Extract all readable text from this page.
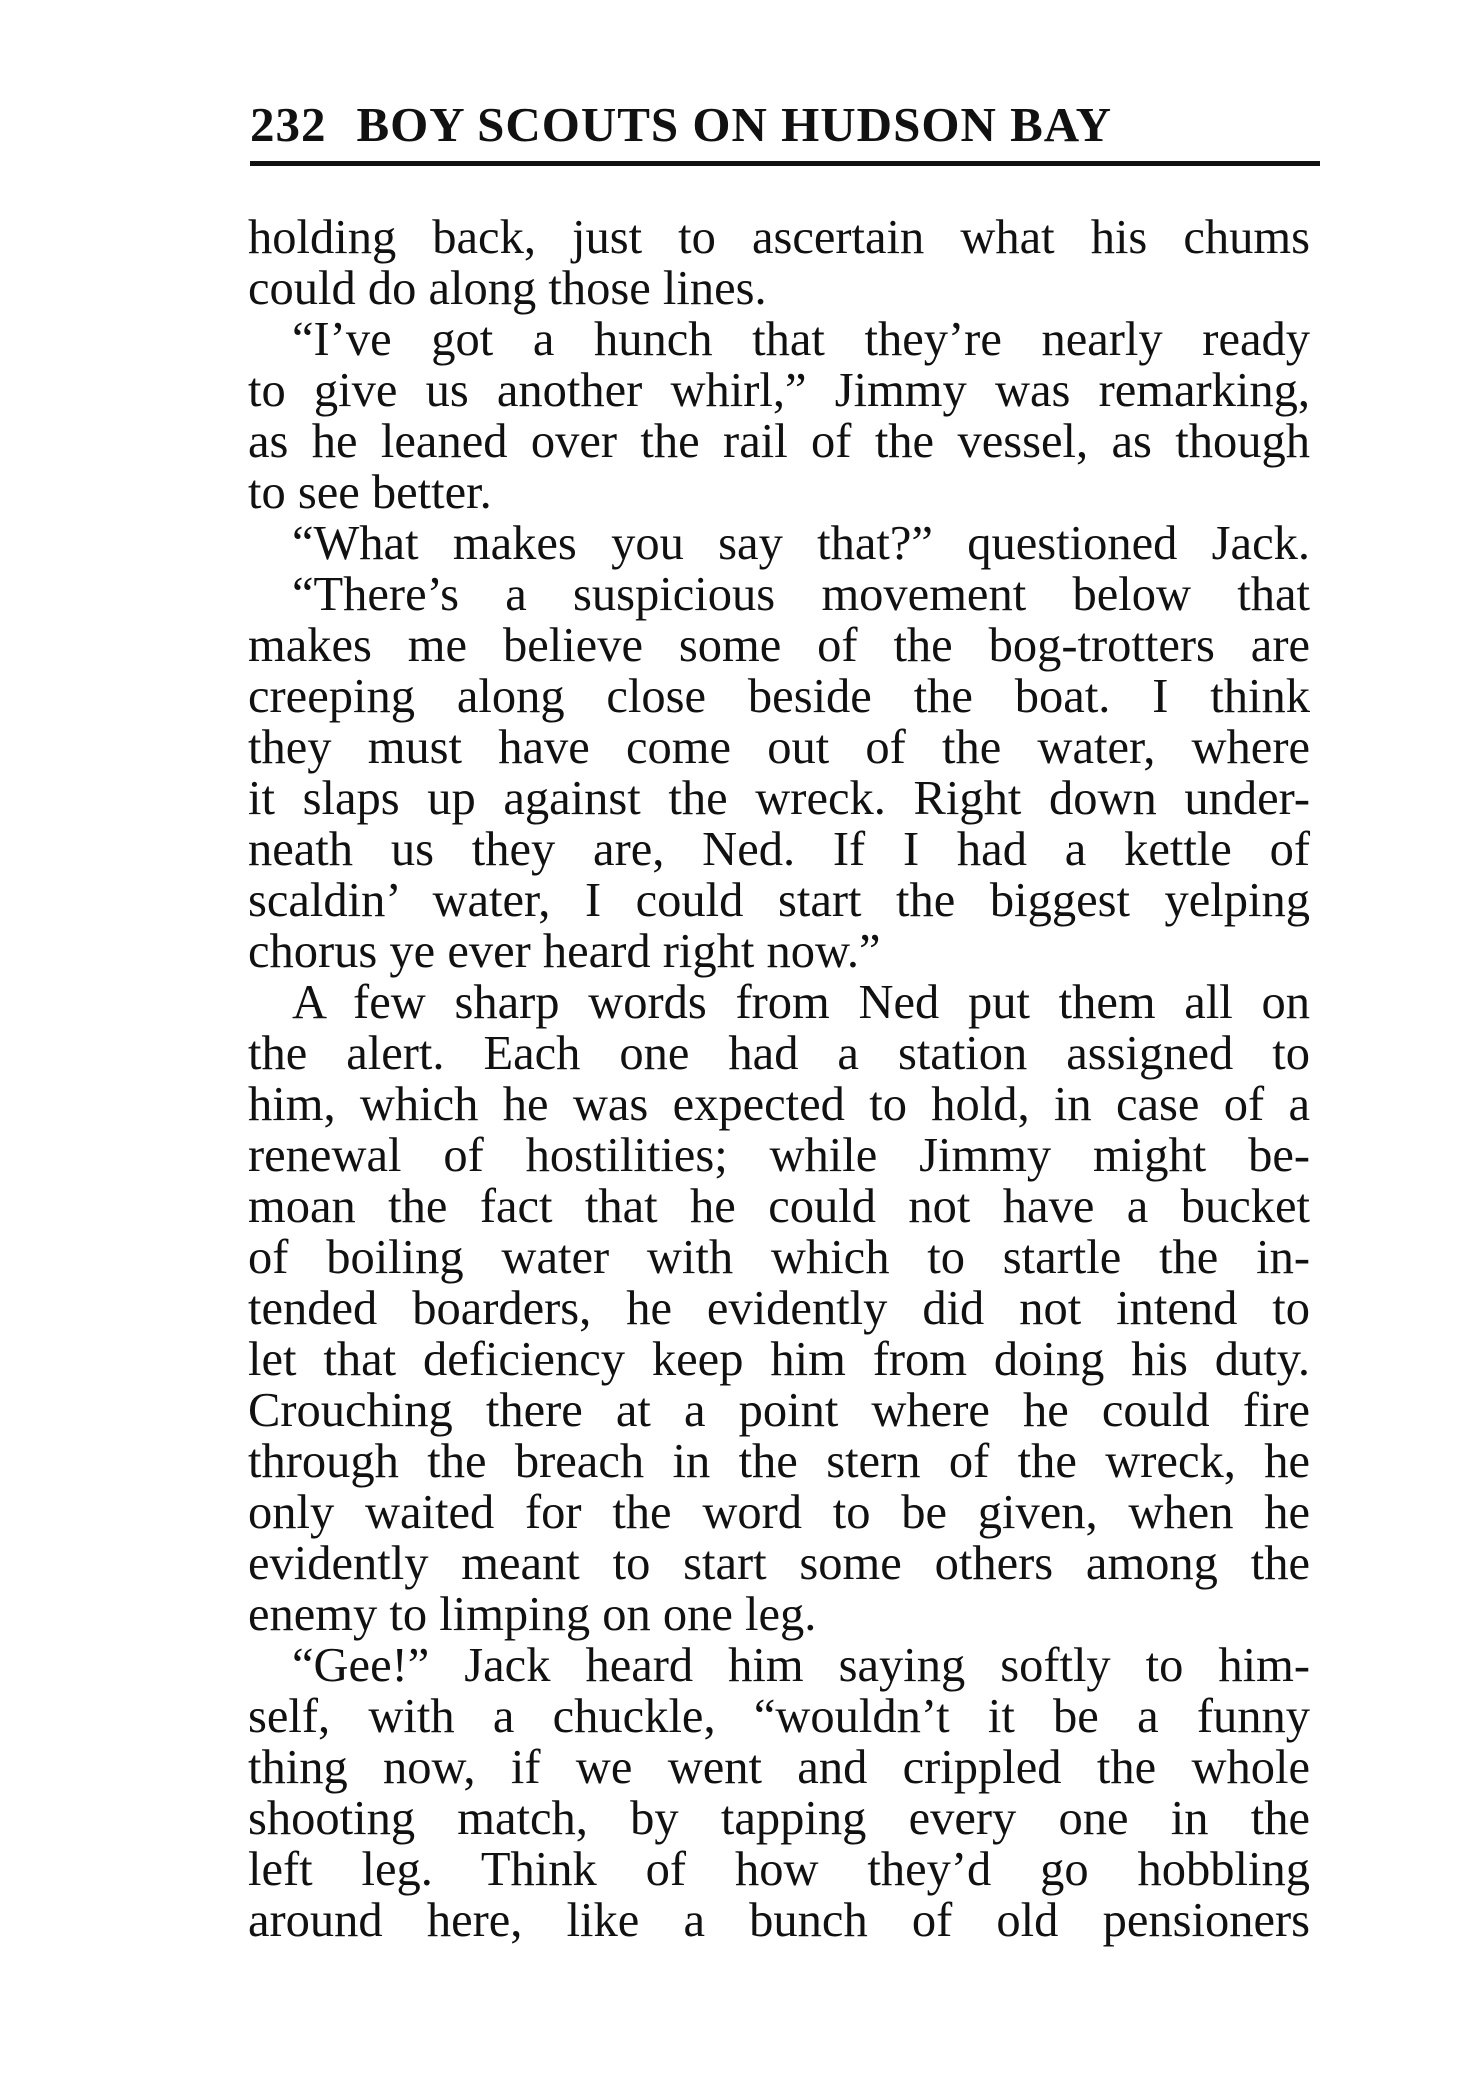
232 BOY SCOUTS ON HUDSON BAY
holding back, just to ascertain what his chums
could do along those lines.
“I’ve got a hunch that they’re nearly ready
to give us another whirl,” Jimmy was remarking,
as he leaned over the rail of the vessel, as though
to see better.
“What makes you say that?” questioned Jack.
“There’s a suspicious movement below that
makes me believe some of the bog-trotters are
creeping along close beside the boat. I think
they must have come out of the water, where
it slaps up against the wreck. Right down under-
neath us they are, Ned. If I had a kettle of
scaldin’ water, I could start the biggest yelping
chorus ye ever heard right now.”
A few sharp words from Ned put them all on
the alert. Each one had a station assigned to
him, which he was expected to hold, in case of a
renewal of hostilities; while Jimmy might be-
moan the fact that he could not have a bucket
of boiling water with which to startle the in-
tended boarders, he evidently did not intend to
let that deficiency keep him from doing his duty.
Crouching there at a point where he could fire
through the breach in the stern of the wreck, he
only waited for the word to be given, when he
evidently meant to start some others among the
enemy to limping on one leg.
“Gee!” Jack heard him saying softly to him-
self, with a chuckle, “wouldn’t it be a funny
thing now, if we went and crippled the whole
shooting match, by tapping every one in the
left leg. Think of how they’d go hobbling
around here, like a bunch of old pensioners
